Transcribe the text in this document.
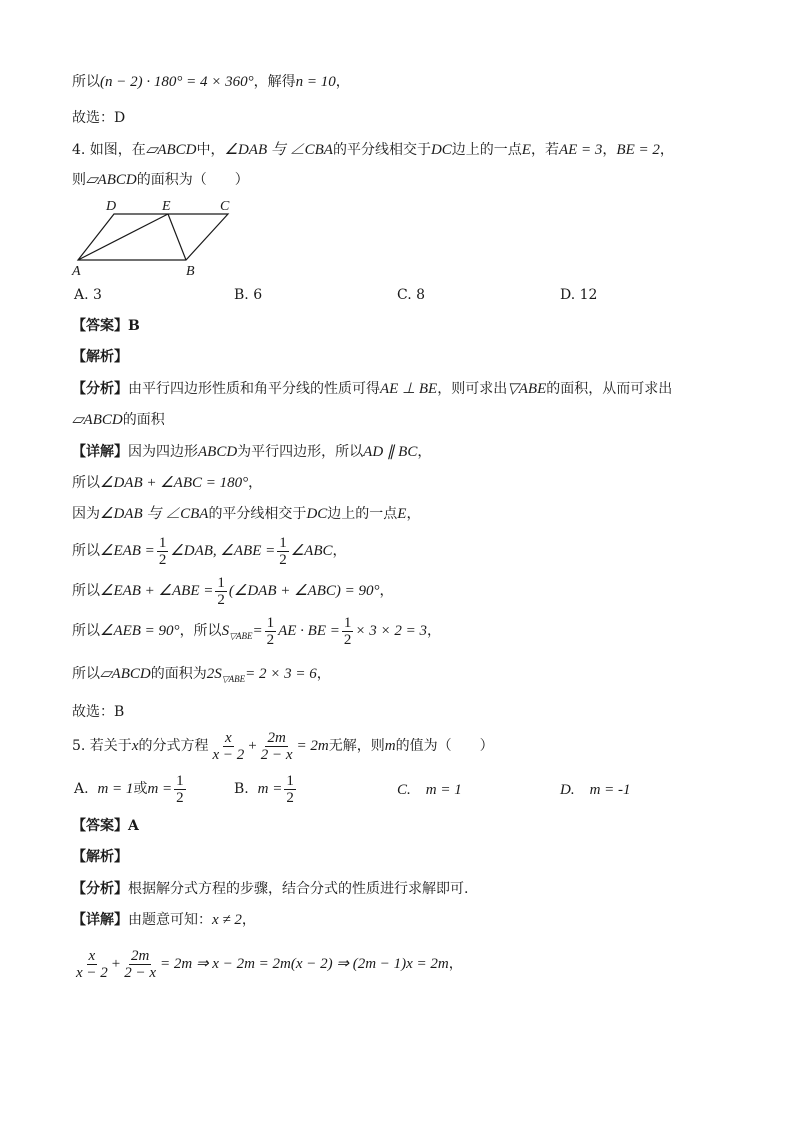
所以(n − 2) · 180° = 4 × 360°，解得n = 10，
故选：D
4. 如图，在▱ABCD中，∠DAB 与 ∠CBA的平分线相交于DC边上的一点E，若AE = 3，BE = 2，
则▱ABCD的面积为（　　）
D	E	C
A	B
A. 3	B. 6	C. 8	D. 12
【答案】B
【解析】
【分析】由平行四边形性质和角平分线的性质可得AE ⊥ BE，则可求出▽ABE的面积，从而可求出
▱ABCD的面积
【详解】因为四边形ABCD为平行四边形，所以AD ∥ BC，
所以∠DAB + ∠ABC = 180°，
因为∠DAB 与 ∠CBA的平分线相交于DC边上的一点E，
所以∠EAB = $\frac{1}{2}$ ∠DAB, ∠ABE = $\frac{1}{2}$ ∠ABC，
所以∠EAB + ∠ABE = $\frac{1}{2}$ (∠DAB + ∠ABC) = 90°，
所以∠AEB = 90°，所以$S_{▽ABE}= \frac{1}{2}$ AE · BE = $\frac{1}{2} \times 3 \times 2 = 3$，
所以▱ABCD的面积为$2S_{▽ABE}= 2 \times 3 = 6$，
故选：B
5. 若关于x的分式方程 $\frac{x}{x - 2} + \frac{2m}{2 - x} = 2m$无解，则m的值为（　　）
A. m = 1或$m = \frac{1}{2}$	B. $m = \frac{1}{2}$	C.　m = 1	D.　m = -1
【答案】A
【解析】
【分析】根据解分式方程的步骤，结合分式的性质进行求解即可.
【详解】由题意可知：x ≠ 2，
$\frac{x}{x - 2} + \frac{2m}{2 - x} = 2m$ ⇒ x − 2m = 2m(x − 2) ⇒ (2m − 1)x = 2m，
